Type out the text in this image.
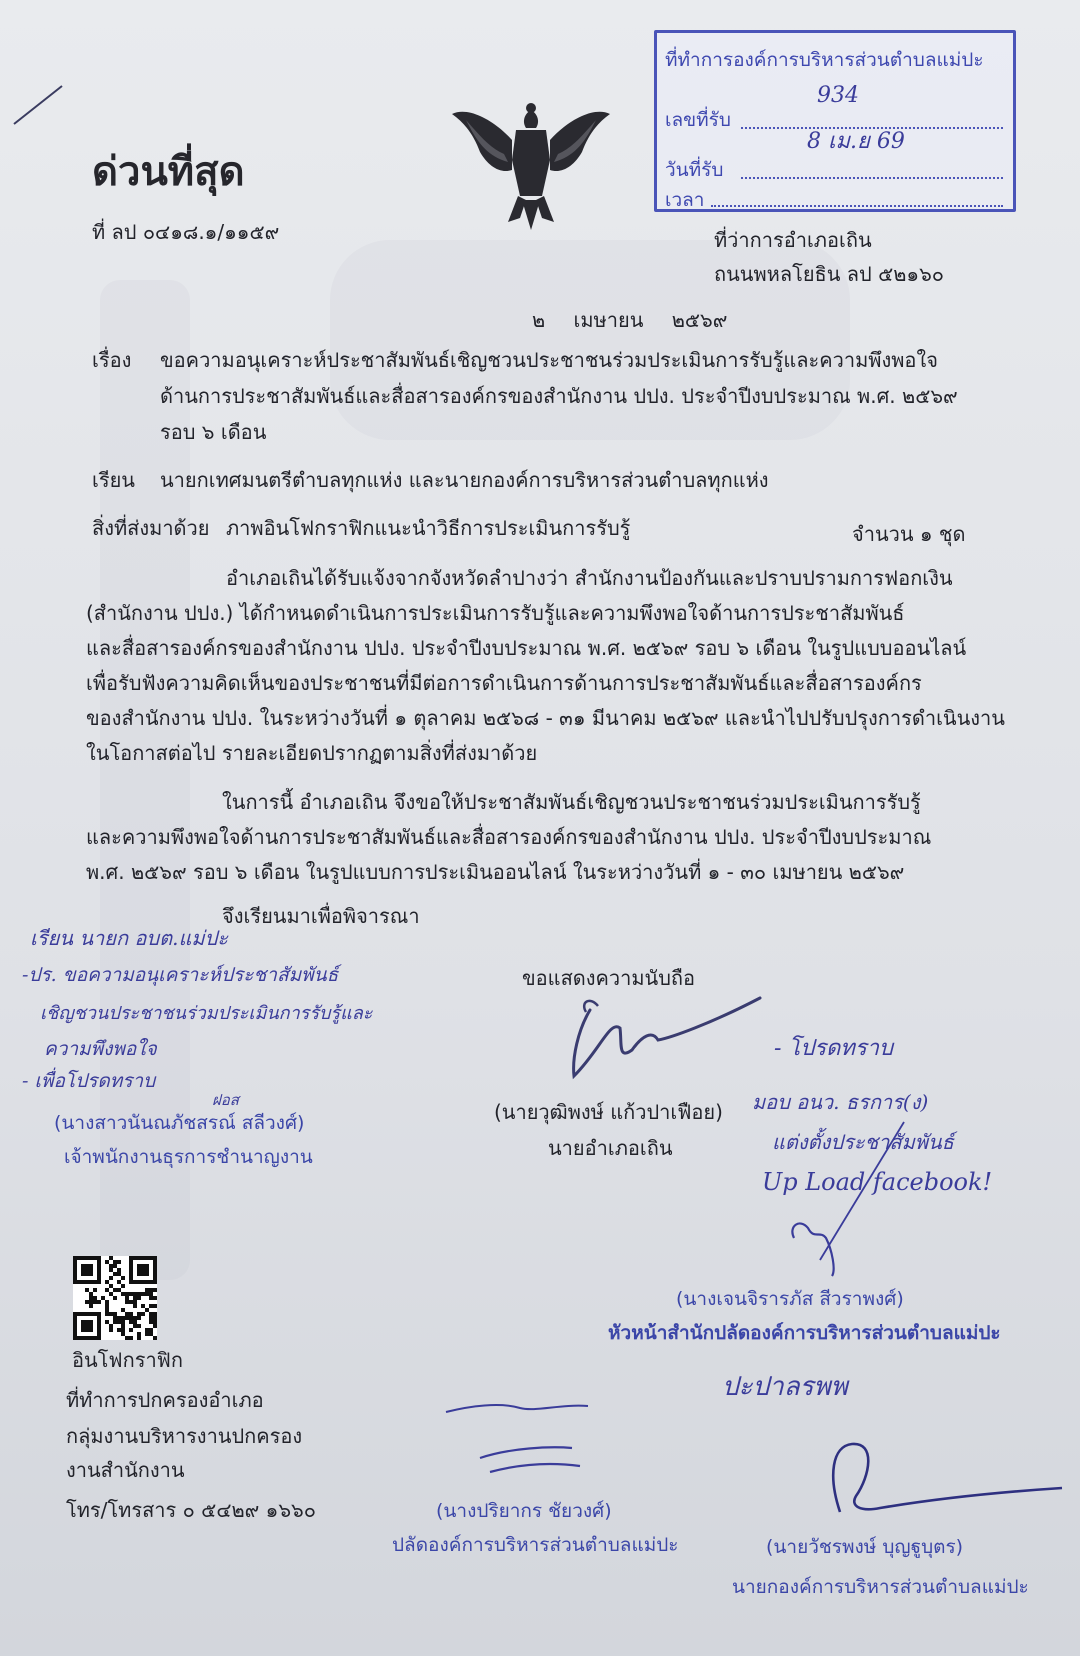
ที่ทำการองค์การบริหารส่วนตำบลแม่ปะ
เลขที่รับ
934
วันที่รับ
8 เม.ย 69
เวลา
ด่วนที่สุด
ที่ ลป ๐๔๑๘.๑/๑๑๕๙	ที่ว่าการอำเภอเถิน
ถนนพหลโยธิน ลป ๕๒๑๖๐
๒ เมษายน ๒๕๖๙
เรื่อง ขอความอนุเคราะห์ประชาสัมพันธ์เชิญชวนประชาชนร่วมประเมินการรับรู้และความพึงพอใจ
ด้านการประชาสัมพันธ์และสื่อสารองค์กรของสำนักงาน ปปง. ประจำปีงบประมาณ พ.ศ. ๒๕๖๙
รอบ ๖ เดือน
เรียน นายกเทศมนตรีตำบลทุกแห่ง และนายกองค์การบริหารส่วนตำบลทุกแห่ง
สิ่งที่ส่งมาด้วย ภาพอินโฟกราฟิกแนะนำวิธีการประเมินการรับรู้	จำนวน ๑ ชุด
อำเภอเถินได้รับแจ้งจากจังหวัดลำปางว่า สำนักงานป้องกันและปราบปรามการฟอกเงิน
(สำนักงาน ปปง.) ได้กำหนดดำเนินการประเมินการรับรู้และความพึงพอใจด้านการประชาสัมพันธ์
และสื่อสารองค์กรของสำนักงาน ปปง. ประจำปีงบประมาณ พ.ศ. ๒๕๖๙ รอบ ๖ เดือน ในรูปแบบออนไลน์
เพื่อรับฟังความคิดเห็นของประชาชนที่มีต่อการดำเนินการด้านการประชาสัมพันธ์และสื่อสารองค์กร
ของสำนักงาน ปปง. ในระหว่างวันที่ ๑ ตุลาคม ๒๕๖๘ - ๓๑ มีนาคม ๒๕๖๙ และนำไปปรับปรุงการดำเนินงาน
ในโอกาสต่อไป รายละเอียดปรากฏตามสิ่งที่ส่งมาด้วย
ในการนี้ อำเภอเถิน จึงขอให้ประชาสัมพันธ์เชิญชวนประชาชนร่วมประเมินการรับรู้
และความพึงพอใจด้านการประชาสัมพันธ์และสื่อสารองค์กรของสำนักงาน ปปง. ประจำปีงบประมาณ
พ.ศ. ๒๕๖๙ รอบ ๖ เดือน ในรูปแบบการประเมินออนไลน์ ในระหว่างวันที่ ๑ - ๓๐ เมษายน ๒๕๖๙
จึงเรียนมาเพื่อพิจารณา
ขอแสดงความนับถือ
(นายวุฒิพงษ์ แก้วปาเฟือย)
นายอำเภอเถิน
เรียน นายก อบต.แม่ปะ
-ปร. ขอความอนุเคราะห์ประชาสัมพันธ์
เชิญชวนประชาชนร่วมประเมินการรับรู้และ
ความพึงพอใจ
- เพื่อโปรดทราบ
ฝอส
(นางสาวนันณภัชสรณ์ สลีวงศ์)
เจ้าพนักงานธุรการชำนาญงาน
- โปรดทราบ
มอบ อนว. ธรการ(ง)
แต่งตั้งประชาสัมพันธ์
Up Load facebook!
(นางเจนจิรารภัส สีวราพงศ์)
หัวหน้าสำนักปลัดองค์การบริหารส่วนตำบลแม่ปะ
ปะปาลรพพ
(นางปริยากร ชัยวงศ์)
ปลัดองค์การบริหารส่วนตำบลแม่ปะ	(นายวัชรพงษ์ บุญฐูบุตร)
นายกองค์การบริหารส่วนตำบลแม่ปะ
อินโฟกราฟิก
ที่ทำการปกครองอำเภอ
กลุ่มงานบริหารงานปกครอง
งานสำนักงาน
โทร/โทรสาร ๐ ๕๔๒๙ ๑๖๖๐
